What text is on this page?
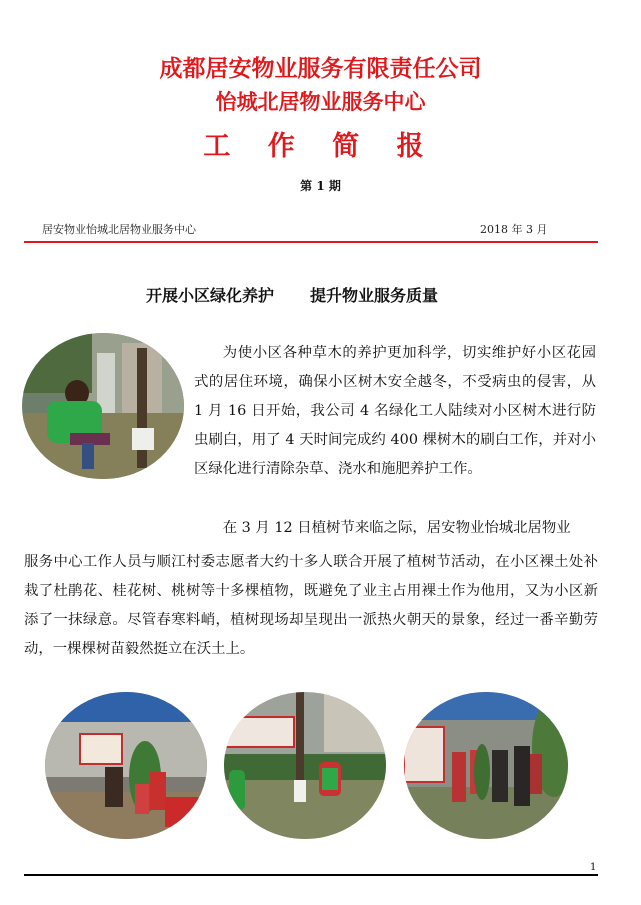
成都居安物业服务有限责任公司
怡城北居物业服务中心
工 作 简 报
第 1 期
居安物业怡城北居物业服务中心	2018 年 3 月
开展小区绿化养护 提升物业服务质量
为使小区各种草木的养护更加科学，切实维护好小区花园式的居住环境，确保小区树木安全越冬，不受病虫的侵害，从 1 月 16 日开始，我公司 4 名绿化工人陆续对小区树木进行防虫刷白，用了 4 天时间完成约 400 棵树木的刷白工作，并对小区绿化进行清除杂草、浇水和施肥养护工作。
在 3 月 12 日植树节来临之际，居安物业怡城北居物业
服务中心工作人员与顺江村委志愿者大约十多人联合开展了植树节活动，在小区裸土处补栽了杜鹃花、桂花树、桃树等十多棵植物，既避免了业主占用裸土作为他用，又为小区新添了一抹绿意。尽管春寒料峭，植树现场却呈现出一派热火朝天的景象，经过一番辛勤劳动，一棵棵树苗毅然挺立在沃土上。
1
